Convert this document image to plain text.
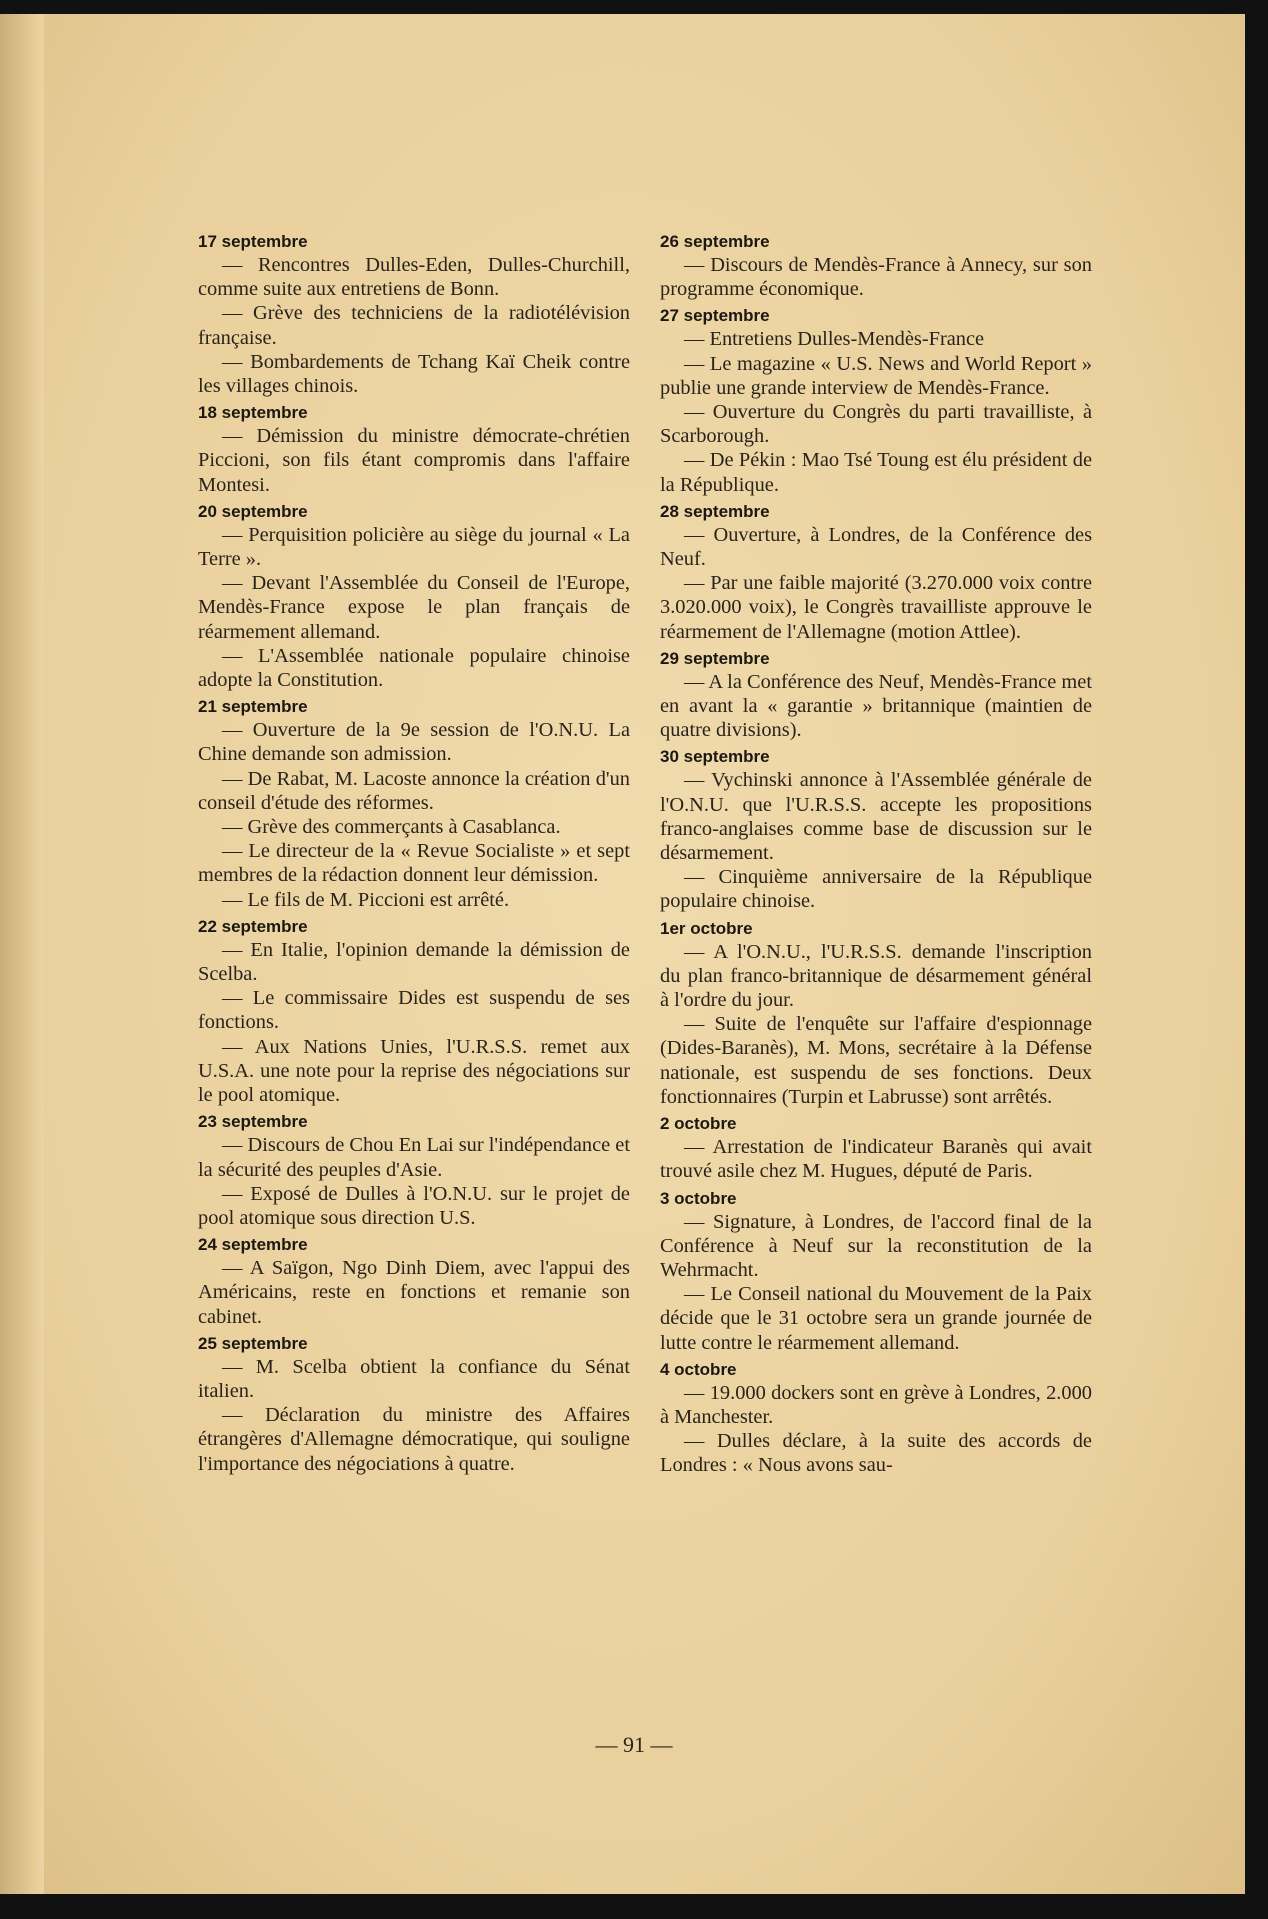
17 septembre

— Rencontres Dulles-Eden, Dulles-Churchill, comme suite aux entretiens de Bonn.

— Grève des techniciens de la radiotélévision française.

— Bombardements de Tchang Kaï Cheik contre les villages chinois.

18 septembre

— Démission du ministre démocrate-chrétien Piccioni, son fils étant compromis dans l'affaire Montesi.

20 septembre

— Perquisition policière au siège du journal « La Terre ».

— Devant l'Assemblée du Conseil de l'Europe, Mendès-France expose le plan français de réarmement allemand.

— L'Assemblée nationale populaire chinoise adopte la Constitution.

21 septembre

— Ouverture de la 9e session de l'O.N.U. La Chine demande son admission.

— De Rabat, M. Lacoste annonce la création d'un conseil d'étude des réformes.

— Grève des commerçants à Casablanca.

— Le directeur de la « Revue Socialiste » et sept membres de la rédaction donnent leur démission.

— Le fils de M. Piccioni est arrêté.

22 septembre

— En Italie, l'opinion demande la démission de Scelba.

— Le commissaire Dides est suspendu de ses fonctions.

— Aux Nations Unies, l'U.R.S.S. remet aux U.S.A. une note pour la reprise des négociations sur le pool atomique.

23 septembre

— Discours de Chou En Lai sur l'indépendance et la sécurité des peuples d'Asie.

— Exposé de Dulles à l'O.N.U. sur le projet de pool atomique sous direction U.S.

24 septembre

— A Saïgon, Ngo Dinh Diem, avec l'appui des Américains, reste en fonctions et remanie son cabinet.

25 septembre

— M. Scelba obtient la confiance du Sénat italien.

— Déclaration du ministre des Affaires étrangères d'Allemagne démocratique, qui souligne l'importance des négociations à quatre.

26 septembre

— Discours de Mendès-France à Annecy, sur son programme économique.

27 septembre

— Entretiens Dulles-Mendès-France

— Le magazine « U.S. News and World Report » publie une grande interview de Mendès-France.

— Ouverture du Congrès du parti travailliste, à Scarborough.

— De Pékin : Mao Tsé Toung est élu président de la République.

28 septembre

— Ouverture, à Londres, de la Conférence des Neuf.

— Par une faible majorité (3.270.000 voix contre 3.020.000 voix), le Congrès travailliste approuve le réarmement de l'Allemagne (motion Attlee).

29 septembre

— A la Conférence des Neuf, Mendès-France met en avant la « garantie » britannique (maintien de quatre divisions).

30 septembre

— Vychinski annonce à l'Assemblée générale de l'O.N.U. que l'U.R.S.S. accepte les propositions franco-anglaises comme base de discussion sur le désarmement.

— Cinquième anniversaire de la République populaire chinoise.

1er octobre

— A l'O.N.U., l'U.R.S.S. demande l'inscription du plan franco-britannique de désarmement général à l'ordre du jour.

— Suite de l'enquête sur l'affaire d'espionnage (Dides-Baranès), M. Mons, secrétaire à la Défense nationale, est suspendu de ses fonctions. Deux fonctionnaires (Turpin et Labrusse) sont arrêtés.

2 octobre

— Arrestation de l'indicateur Baranès qui avait trouvé asile chez M. Hugues, député de Paris.

3 octobre

— Signature, à Londres, de l'accord final de la Conférence à Neuf sur la reconstitution de la Wehrmacht.

— Le Conseil national du Mouvement de la Paix décide que le 31 octobre sera un grande journée de lutte contre le réarmement allemand.

4 octobre

— 19.000 dockers sont en grève à Londres, 2.000 à Manchester.

— Dulles déclare, à la suite des accords de Londres : « Nous avons sau-

— 91 —
